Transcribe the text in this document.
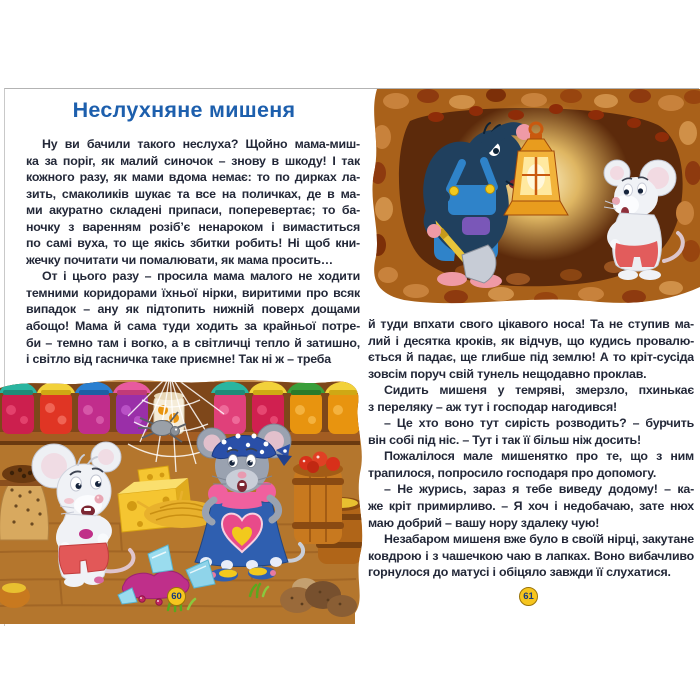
Неслухняне мишеня
Ну ви бачили такого неслуха? Щойно мама-миш-
ка за поріг, як малий синочок – знову в шкоду! І так
кожного разу, як мами вдома немає: то по дирках ла-
зить, смаколиків шукає та все на поличках, де в ма-
ми акуратно складені припаси, поперевертає; то ба-
ночку з варенням розіб’є ненароком і вимаститься
по самі вуха, то ще якісь збитки робить! Ні щоб кни-
жечку почитати чи помалювати, як мама просить…
От і цього разу – просила мама малого не ходити
темними коридорами їхньої нірки, виритими про всяк
випадок – ану як підтопить нижній поверх дощами
абощо! Мама й сама туди ходить за крайньої потре-
би – темно там і вогко, а в світличці тепло й затишно,
і світло від гасничка таке приємне! Так ні ж – треба
й туди впхати свого цікавого носа! Та не ступив ма-
лий і десятка кроків, як відчув, що кудись провалю-
ється й падає, ще глибше під землю! А то кріт-сусіда
зовсім поруч свій тунель нещодавно проклав.
Сидить мишеня у темряві, змерзло, пхинькає
з переляку – аж тут і господар нагодився!
– Це хто воно тут сирість розводить? – бурчить
він собі під ніс. – Тут і так її більш ніж досить!
Пожалілося мале мишенятко про те, що з ним
трапилося, попросило господаря про допомогу.
– Не журись, зараз я тебе виведу додому! – ка-
же кріт примирливо. – Я хоч і недобачаю, зате нюх
маю добрий – вашу нору здалеку чую!
Незабаром мишеня вже було в своїй нірці, закутане
ковдрою і з чашечкою чаю в лапках. Воно вибачливо
горнулося до матусі і обіцяло завжди її слухатися.
60	61
